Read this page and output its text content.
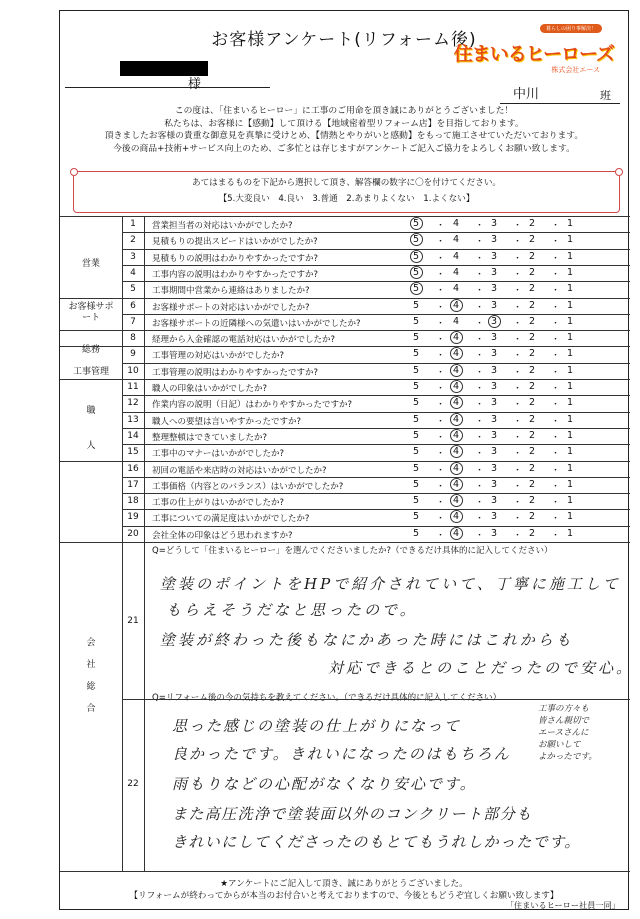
お客様アンケート(リフォーム後)
暮らしの困り事解決！
住まいるヒーローズ
株式会社エース
様
中川	班
この度は、「住まいるヒーロー」に工事のご用命を頂き誠にありがとうございました！
私たちは、お客様に【感動】して頂ける【地域密着型リフォーム店】を目指しております。
頂きましたお客様の貴重な御意見を真摯に受けとめ、【情熱とやりがいと感動】をもって施工させていただいております。
今後の商品+技術+サービス向上のため、ご多忙とは存じますがアンケートご記入ご協力をよろしくお願い致します。
あてはまるものを下記から選択して頂き、解答欄の数字に〇を付けてください。
【5.大変良い　4.良い　3.普通　2.あまりよくない　1.よくない】
営業
お客様サポート
総務
工事管理
職
人
会
社
総
合
21
Q=どうして「住まいるヒーロー」を選んでくださいましたか?（できるだけ具体的に記入してください）
塗装のポイントをHPで紹介されていて、丁寧に施工して
もらえそうだなと思ったので。
塗装が終わった後もなにかあった時にはこれからも
対応できるとのことだったので安心。
22
Q=リフォーム後の今の気持ちを教えてください。（できるだけ具体的に記入してください）
思った感じの塗装の仕上がりになって
良かったです。きれいになったのはもちろん
雨もりなどの心配がなくなり安心です。
また高圧洗浄で塗装面以外のコンクリート部分も
きれいにしてくださったのもとてもうれしかったです。
工事の方々も
皆さん親切で
エースさんに
お願いして
よかったです。
★アンケートにご記入して頂き、誠にありがとうございました。
【リフォームが終わってからが本当のお付合いと考えておりますので、今後ともどうぞ宜しくお願い致します】
「住まいるヒーロー社員一同」
1	営業担当者の対応はいかがでしたか?	5 ・ 4 ・ 3 ・ 2 ・ 1
2	見積もりの提出スピードはいかがでしたか?	5 ・ 4 ・ 3 ・ 2 ・ 1
3	見積もりの説明はわかりやすかったですか?	5 ・ 4 ・ 3 ・ 2 ・ 1
4	工事内容の説明はわかりやすかったですか?	5 ・ 4 ・ 3 ・ 2 ・ 1
5	工事期間中営業から連絡はありましたか?	5 ・ 4 ・ 3 ・ 2 ・ 1
6	お客様サポートの対応はいかがでしたか?	5 ・ 4 ・ 3 ・ 2 ・ 1
7	お客様サポートの近隣様への気遣いはいかがでしたか?	5 ・ 4 ・ 3 ・ 2 ・ 1
8	経理から入金確認の電話対応はいかがでしたか?	5 ・ 4 ・ 3 ・ 2 ・ 1
9	工事管理の対応はいかがでしたか?	5 ・ 4 ・ 3 ・ 2 ・ 1
10	工事管理の説明はわかりやすかったですか?	5 ・ 4 ・ 3 ・ 2 ・ 1
11	職人の印象はいかがでしたか?	5 ・ 4 ・ 3 ・ 2 ・ 1
12	作業内容の説明（日記）はわかりやすかったですか?	5 ・ 4 ・ 3 ・ 2 ・ 1
13	職人への要望は言いやすかったですか?	5 ・ 4 ・ 3 ・ 2 ・ 1
14	整理整頓はできていましたか?	5 ・ 4 ・ 3 ・ 2 ・ 1
15	工事中のマナーはいかがでしたか?	5 ・ 4 ・ 3 ・ 2 ・ 1
16	初回の電話や来店時の対応はいかがでしたか?	5 ・ 4 ・ 3 ・ 2 ・ 1
17	工事価格（内容とのバランス）はいかがでしたか?	5 ・ 4 ・ 3 ・ 2 ・ 1
18	工事の仕上がりはいかがでしたか?	5 ・ 4 ・ 3 ・ 2 ・ 1
19	工事についての満足度はいかがでしたか?	5 ・ 4 ・ 3 ・ 2 ・ 1
20	会社全体の印象はどう思われますか?	5 ・ 4 ・ 3 ・ 2 ・ 1
